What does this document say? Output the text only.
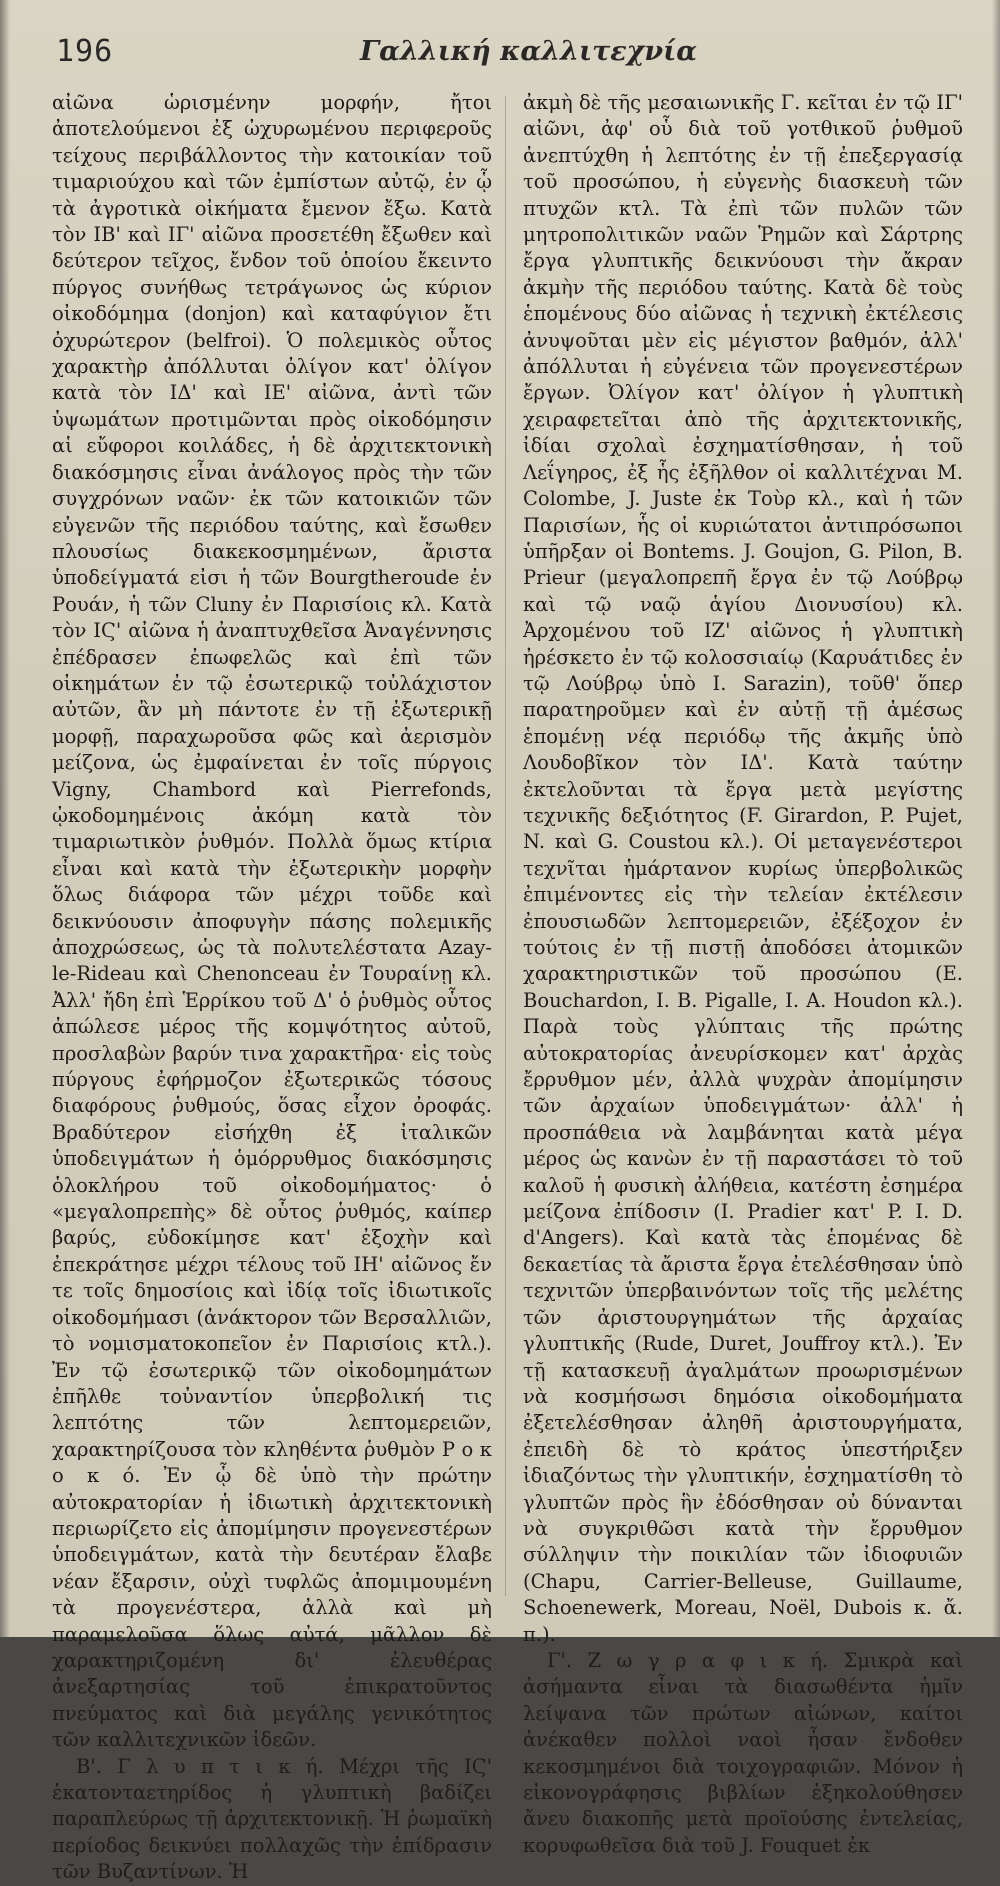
196	Γαλλική καλλιτεχνία

αἰῶνα ὡρισμένην μορφήν, ἤτοι ἀποτελούμενοι ἐξ ὠχυρωμένου περιφεροῦς τείχους περιβάλλοντος τὴν κατοικίαν τοῦ τιμαριούχου καὶ τῶν ἐμπίστων αὐτῷ, ἐν ᾧ τὰ ἀγροτικὰ οἰκήματα ἔμενον ἔξω. Κατὰ τὸν ΙΒ' καὶ ΙΓ' αἰῶνα προσετέθη ἔξωθεν καὶ δεύτερον τεῖχος, ἔνδον τοῦ ὁποίου ἔκειντο πύργος συνήθως τετράγωνος ὡς κύριον οἰκοδόμημα (donjon) καὶ καταφύγιον ἔτι ὀχυρώτερον (belfroi). Ὁ πολεμικὸς οὗτος χαρακτὴρ ἀπόλλυται ὀλίγον κατ' ὀλίγον κατὰ τὸν ΙΔ' καὶ ΙΕ' αἰῶνα, ἀντὶ τῶν ὑψωμάτων προτιμῶνται πρὸς οἰκοδόμησιν αἱ εὔφοροι κοιλάδες, ἡ δὲ ἀρχιτεκτονικὴ διακόσμησις εἶναι ἀνάλογος πρὸς τὴν τῶν συγχρόνων ναῶν· ἐκ τῶν κατοικιῶν τῶν εὐγενῶν τῆς περιόδου ταύτης, καὶ ἔσωθεν πλουσίως διακεκοσμημένων, ἄριστα ὑποδείγματά εἰσι ἡ τῶν Bourgtheroude ἐν Ρουάν, ἡ τῶν Cluny ἐν Παρισίοις κλ. Κατὰ τὸν ΙϚ' αἰῶνα ἡ ἀναπτυχθεῖσα Ἀναγέννησις ἐπέδρασεν ἐπωφελῶς καὶ ἐπὶ τῶν οἰκημάτων ἐν τῷ ἐσωτερικῷ τοὐλάχιστον αὐτῶν, ἂν μὴ πάντοτε ἐν τῇ ἐξωτερικῇ μορφῇ, παραχωροῦσα φῶς καὶ ἀερισμὸν μείζονα, ὡς ἐμφαίνεται ἐν τοῖς πύργοις Vigny, Chambord καὶ Pierrefonds, ᾠκοδομημένοις ἀκόμη κατὰ τὸν τιμαριωτικὸν ῥυθμόν. Πολλὰ ὅμως κτίρια εἶναι καὶ κατὰ τὴν ἐξωτερικὴν μορφὴν ὅλως διάφορα τῶν μέχρι τοῦδε καὶ δεικνύουσιν ἀποφυγὴν πάσης πολεμικῆς ἀποχρώσεως, ὡς τὰ πολυτελέστατα Azay-le-Rideau καὶ Chenonceau ἐν Τουραίνῃ κλ. Ἀλλ' ἤδη ἐπὶ Ἑρρίκου τοῦ Δ' ὁ ῥυθμὸς οὗτος ἀπώλεσε μέρος τῆς κομψότητος αὐτοῦ, προσλαβὼν βαρύν τινα χαρακτῆρα· εἰς τοὺς πύργους ἐφήρμοζον ἐξωτερικῶς τόσους διαφόρους ῥυθμούς, ὅσας εἶχον ὀροφάς. Βραδύτερον εἰσήχθη ἐξ ἰταλικῶν ὑποδειγμάτων ἡ ὁμόρρυθμος διακόσμησις ὁλοκλήρου τοῦ οἰκοδομήματος· ὁ «μεγαλοπρεπὴς» δὲ οὗτος ῥυθμός, καίπερ βαρύς, εὐδοκίμησε κατ' ἐξοχὴν καὶ ἐπεκράτησε μέχρι τέλους τοῦ ΙΗ' αἰῶνος ἔν τε τοῖς δημοσίοις καὶ ἰδίᾳ τοῖς ἰδιωτικοῖς οἰκοδομήμασι (ἀνάκτορον τῶν Βερσαλλιῶν, τὸ νομισματοκοπεῖον ἐν Παρισίοις κτλ.). Ἐν τῷ ἐσωτερικῷ τῶν οἰκοδομημάτων ἐπῆλθε τοὐναντίον ὑπερβολική τις λεπτότης τῶν λεπτομερειῶν, χαρακτηρίζουσα τὸν κληθέντα ῥυθμὸν Ρ ο κ ο κ ό. Ἐν ᾧ δὲ ὑπὸ τὴν πρώτην αὐτοκρατορίαν ἡ ἰδιωτικὴ ἀρχιτεκτονικὴ περιωρίζετο εἰς ἀπομίμησιν προγενεστέρων ὑποδειγμάτων, κατὰ τὴν δευτέραν ἔλαβε νέαν ἔξαρσιν, οὐχὶ τυφλῶς ἀπομιμουμένη τὰ προγενέστερα, ἀλλὰ καὶ μὴ παραμελοῦσα ὅλως αὐτά, μᾶλλον δὲ χαρακτηριζομένη δι' ἐλευθέρας ἀνεξαρτησίας τοῦ ἐπικρατοῦντος πνεύματος καὶ διὰ μεγάλης γενικότητος τῶν καλλιτεχνικῶν ἰδεῶν.

Β'. Γ λ υ π τ ι κ ή. Μέχρι τῆς ΙϚ' ἑκατονταετηρίδος ἡ γλυπτικὴ βαδίζει παραπλεύρως τῇ ἀρχιτεκτονικῇ. Ἡ ῥωμαϊκὴ περίοδος δεικνύει πολλαχῶς τὴν ἐπίδρασιν τῶν Βυζαντίνων. Ἡ

ἀκμὴ δὲ τῆς μεσαιωνικῆς Γ. κεῖται ἐν τῷ ΙΓ' αἰῶνι, ἀφ' οὗ διὰ τοῦ γοτθικοῦ ῥυθμοῦ ἀνεπτύχθη ἡ λεπτότης ἐν τῇ ἐπεξεργασίᾳ τοῦ προσώπου, ἡ εὐγενὴς διασκευὴ τῶν πτυχῶν κτλ. Τὰ ἐπὶ τῶν πυλῶν τῶν μητροπολιτικῶν ναῶν Ῥημῶν καὶ Σάρτρης ἔργα γλυπτικῆς δεικνύουσι τὴν ἄκραν ἀκμὴν τῆς περιόδου ταύτης. Κατὰ δὲ τοὺς ἑπομένους δύο αἰῶνας ἡ τεχνικὴ ἐκτέλεσις ἀνυψοῦται μὲν εἰς μέγιστον βαθμόν, ἀλλ' ἀπόλλυται ἡ εὐγένεια τῶν προγενεστέρων ἔργων. Ὀλίγον κατ' ὀλίγον ἡ γλυπτικὴ χειραφετεῖται ἀπὸ τῆς ἀρχιτεκτονικῆς, ἰδίαι σχολαὶ ἐσχηματίσθησαν, ἡ τοῦ Λεΐγηρος, ἐξ ἧς ἐξῆλθον οἱ καλλιτέχναι M. Colombe, J. Juste ἐκ Τοὺρ κλ., καὶ ἡ τῶν Παρισίων, ἧς οἱ κυριώτατοι ἀντιπρόσωποι ὑπῆρξαν οἱ Bontems. J. Goujon, G. Pilon, B. Prieur (μεγαλοπρεπῆ ἔργα ἐν τῷ Λούβρῳ καὶ τῷ ναῷ ἁγίου Διονυσίου) κλ. Ἀρχομένου τοῦ ΙΖ' αἰῶνος ἡ γλυπτικὴ ἠρέσκετο ἐν τῷ κολοσσιαίῳ (Καρυάτιδες ἐν τῷ Λούβρῳ ὑπὸ I. Sarazin), τοῦθ' ὅπερ παρατηροῦμεν καὶ ἐν αὐτῇ τῇ ἀμέσως ἑπομένῃ νέᾳ περιόδῳ τῆς ἀκμῆς ὑπὸ Λουδοβῖκον τὸν ΙΔ'. Κατὰ ταύτην ἐκτελοῦνται τὰ ἔργα μετὰ μεγίστης τεχνικῆς δεξιότητος (F. Girardon, P. Pujet, N. καὶ G. Coustou κλ.). Οἱ μεταγενέστεροι τεχνῖται ἡμάρτανον κυρίως ὑπερβολικῶς ἐπιμένοντες εἰς τὴν τελείαν ἐκτέλεσιν ἐπουσιωδῶν λεπτομερειῶν, ἐξέξοχον ἐν τούτοις ἐν τῇ πιστῇ ἀποδόσει ἀτομικῶν χαρακτηριστικῶν τοῦ προσώπου (E. Bouchardon, I. B. Pigalle, I. A. Houdon κλ.). Παρὰ τοὺς γλύπταις τῆς πρώτης αὐτοκρατορίας ἀνευρίσκομεν κατ' ἀρχὰς ἔρρυθμον μέν, ἀλλὰ ψυχρὰν ἀπομίμησιν τῶν ἀρχαίων ὑποδειγμάτων· ἀλλ' ἡ προσπάθεια νὰ λαμβάνηται κατὰ μέγα μέρος ὡς κανὼν ἐν τῇ παραστάσει τὸ τοῦ καλοῦ ἡ φυσικὴ ἀλήθεια, κατέστη ἐσημέρα μείζονα ἐπίδοσιν (I. Pradier κατ' P. I. D. d'Angers). Καὶ κατὰ τὰς ἑπομένας δὲ δεκαετίας τὰ ἄριστα ἔργα ἐτελέσθησαν ὑπὸ τεχνιτῶν ὑπερβαινόντων τοῖς τῆς μελέτης τῶν ἀριστουργημάτων τῆς ἀρχαίας γλυπτικῆς (Rude, Duret, Jouffroy κτλ.). Ἐν τῇ κατασκευῇ ἀγαλμάτων προωρισμένων νὰ κοσμήσωσι δημόσια οἰκοδομήματα ἐξετελέσθησαν ἀληθῆ ἀριστουργήματα, ἐπειδὴ δὲ τὸ κράτος ὑπεστήριξεν ἰδιαζόντως τὴν γλυπτικήν, ἐσχηματίσθη τὸ γλυπτῶν πρὸς ἣν ἐδόσθησαν οὐ δύνανται νὰ συγκριθῶσι κατὰ τὴν ἔρρυθμον σύλληψιν τὴν ποικιλίαν τῶν ἰδιοφυιῶν (Chapu, Carrier-Belleuse, Guillaume, Schoenewerk, Moreau, Noël, Dubois κ. ἄ. π.).

Γ'. Ζ ω γ ρ α φ ι κ ή. Σμικρὰ καὶ ἀσήμαντα εἶναι τὰ διασωθέντα ἡμῖν λείψανα τῶν πρώτων αἰώνων, καίτοι ἀνέκαθεν πολλοὶ ναοὶ ἦσαν ἔνδοθεν κεκοσμημένοι διὰ τοιχογραφιῶν. Μόνον ἡ εἰκονογράφησις βιβλίων ἐξηκολούθησεν ἄνευ διακοπῆς μετὰ προϊούσης ἐντελείας, κορυφωθεῖσα διὰ τοῦ J. Fouquet ἐκ
